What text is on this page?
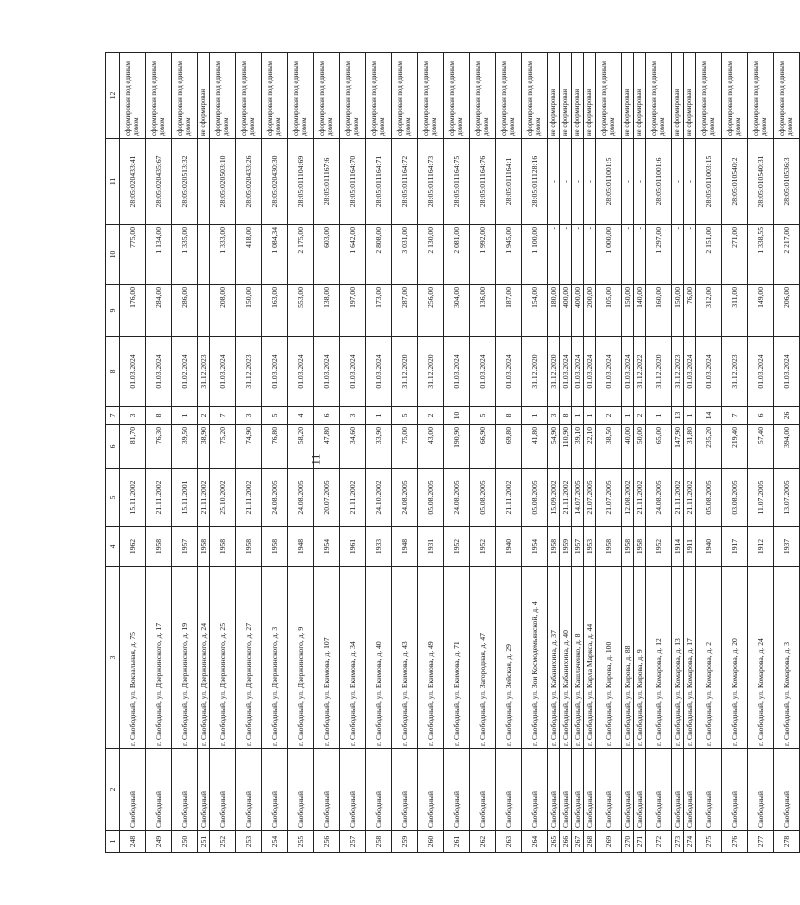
11
1	2	3	4	5	6	7	8	9	10	11	12
248	Свободный	г. Свободный, ул. Вокзальная, д. 75	1962	15.11.2002	81,70	3	01.03.2024	176,00	775,00	28:05:020433:41	сформирован под единым домом
249	Свободный	г. Свободный, ул. Дзержинского, д. 17	1958	21.11.2002	76,30	8	01.03.2024	284,00	1 134,00	28:05:020435:67	сформирован под единым домом
250	Свободный	г. Свободный, ул. Дзержинского, д. 19	1957	15.11.2001	39,50	1	01.02.2024	286,00	1 335,00	28:05:020513:32	сформирован под единым домом
251	Свободный	г. Свободный, ул. Дзержинского, д. 24	1958	21.11.2002	38,90	2	31.12.2023				не сформирован
252	Свободный	г. Свободный, ул. Дзержинского, д. 25	1958	25.10.2002	75,20	7	01.03.2024	208,00	1 333,00	28:05:020503:10	сформирован под единым домом
253	Свободный	г. Свободный, ул. Дзержинского, д. 27	1958	21.11.2002	74,90	3	31.12.2023	150,00	418,00	28:05:020433:26	сформирован под единым домом
254	Свободный	г. Свободный, ул. Дзержинского, д. 3	1958	24.08.2005	76,80	5	01.03.2024	163,00	1 084,34	28:05:020430:30	сформирован под единым домом
255	Свободный	г. Свободный, ул. Дзержинского, д. 9	1948	24.08.2005	58,20	4	01.03.2024	553,00	2 175,00	28:05:011104:69	сформирован под единым домом
256	Свободный	г. Свободный, ул. Екимова, д. 107	1954	20.07.2005	47,80	6	01.03.2024	138,00	603,00	28:05:011167:6	сформирован под единым домом
257	Свободный	г. Свободный, ул. Екимова, д. 34	1961	21.11.2002	34,60	3	01.03.2024	197,00	1 642,00	28:05:011164:70	сформирован под единым домом
258	Свободный	г. Свободный, ул. Екимова, д. 40	1933	24.10.2002	33,90	1	01.03.2024	173,00	2 808,00	28:05:011164:71	сформирован под единым домом
259	Свободный	г. Свободный, ул. Екимова, д. 43	1948	24.08.2005	75,00	5	31.12.2020	287,00	3 031,00	28:05:011164:72	сформирован под единым домом
260	Свободный	г. Свободный, ул. Екимова, д. 49	1931	05.08.2005	43,00	2	31.12.2020	256,00	2 130,00	28:05:011164:73	сформирован под единым домом
261	Свободный	г. Свободный, ул. Екимова, д. 71	1952	24.08.2005	190,90	10	01.03.2024	304,00	2 081,00	28:05:011164:75	сформирован под единым домом
262	Свободный	г. Свободный, ул. Загородная, д. 47	1952	05.08.2005	66,90	5	01.03.2024	136,00	1 992,00	28:05:011164:76	сформирован под единым домом
263	Свободный	г. Свободный, ул. Зейская, д. 29	1940	21.11.2002	69,80	8	01.03.2024	187,00	1 945,00	28:05:011164:1	сформирован под единым домом
264	Свободный	г. Свободный, ул. Зои Космодемьянской, д. 4	1954	05.08.2005	41,80	1	31.12.2020	154,00	1 100,00	28:05:011128:16	сформирован под единым домом
265	Свободный	г. Свободный, ул. Кабанихина, д. 37	1958	15.09.2002	54,90	3	31.12.2020	180,00	-	-	не сформирован
266	Свободный	г. Свободный, ул. Кабанихина, д. 40	1959	21.11.2002	110,90	8	01.03.2024	400,00	-	-	не сформирован
267	Свободный	г. Свободный, ул. Кашлаченко, д. 8	1957	14.07.2005	39,10	1	01.03.2024	400,00	-	-	не сформирован
268	Свободный	г. Свободный, ул. Карла Маркса, д. 44	1953	21.07.2005	22,10	1	01.03.2024	200,00	-	-	не сформирован
269	Свободный	г. Свободный, ул. Кирова, д. 100	1958	21.07.2005	38,50	2	01.03.2024	105,00	1 000,00	28:05:011001:5	сформирован под единым домом
270	Свободный	г. Свободный, ул. Кирова, д. 88	1958	12.08.2002	40,00	1	01.03.2024	150,00	-	-	не сформирован
271	Свободный	г. Свободный, ул. Кирова, д. 9	1958	21.11.2002	50,00	2	31.12.2022	140,00	-	-	не сформирован
272	Свободный	г. Свободный, ул. Комарова, д. 12	1952	24.08.2005	65,00	1	31.12.2020	160,00	1 297,00	28:05:011001:6	сформирован под единым домом
273	Свободный	г. Свободный, ул. Комарова, д. 13	1914	21.11.2002	147,90	13	31.12.2023	150,00	-	-	не сформирован
274	Свободный	г. Свободный, ул. Комарова, д. 17	1911	21.11.2002	31,80	1	01.03.2024	76,00	-	-	не сформирован
275	Свободный	г. Свободный, ул. Комарова, д. 2	1940	05.08.2005	235,20	14	01.03.2024	312,00	2 151,00	28:05:011003:15	сформирован под единым домом
276	Свободный	г. Свободный, ул. Комарова, д. 20	1917	03.08.2005	219,40	7	31.12.2023	311,00	271,00	28:05:010540:2	сформирован под единым домом
277	Свободный	г. Свободный, ул. Комарова, д. 24	1912	11.07.2005	57,40	6	01.03.2024	149,00	1 338,55	28:05:010540:31	сформирован под единым домом
278	Свободный	г. Свободный, ул. Комарова, д. 3	1937	13.07.2005	394,00	26	01.03.2024	206,00	2 217,00	28:05:010536:3	сформирован под единым домом
